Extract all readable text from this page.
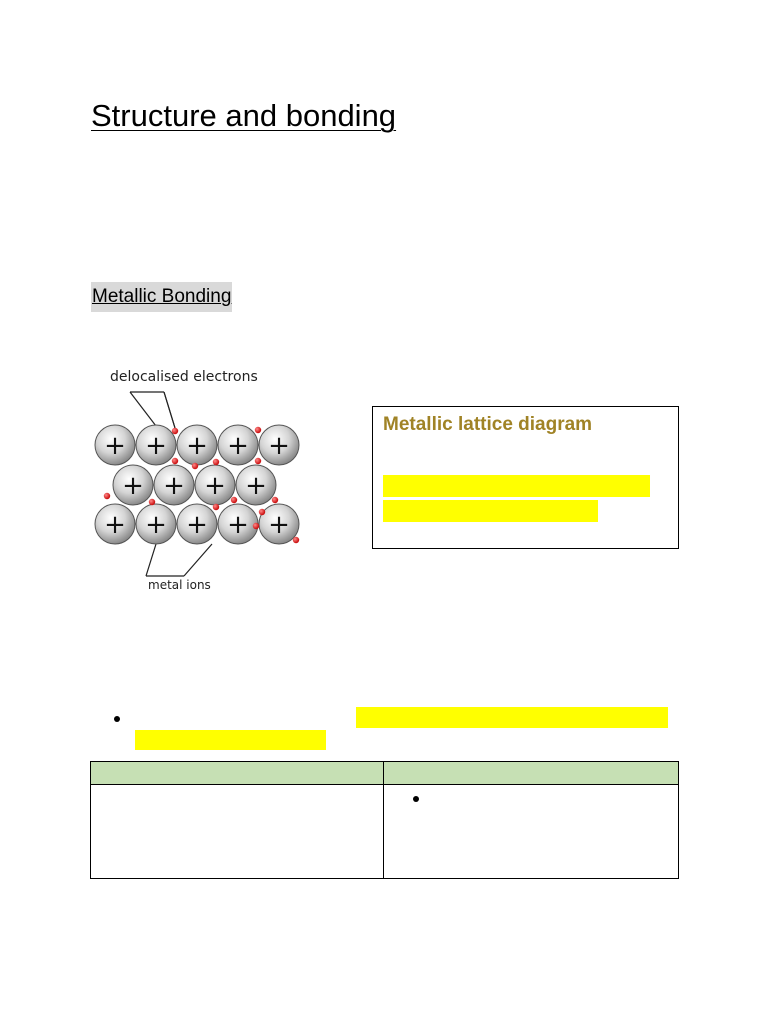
Structure and bonding
Metallic Bonding
delocalised electrons
metal ions
+ + + + +
+ + + +
+ + + + +
Metallic lattice diagram
